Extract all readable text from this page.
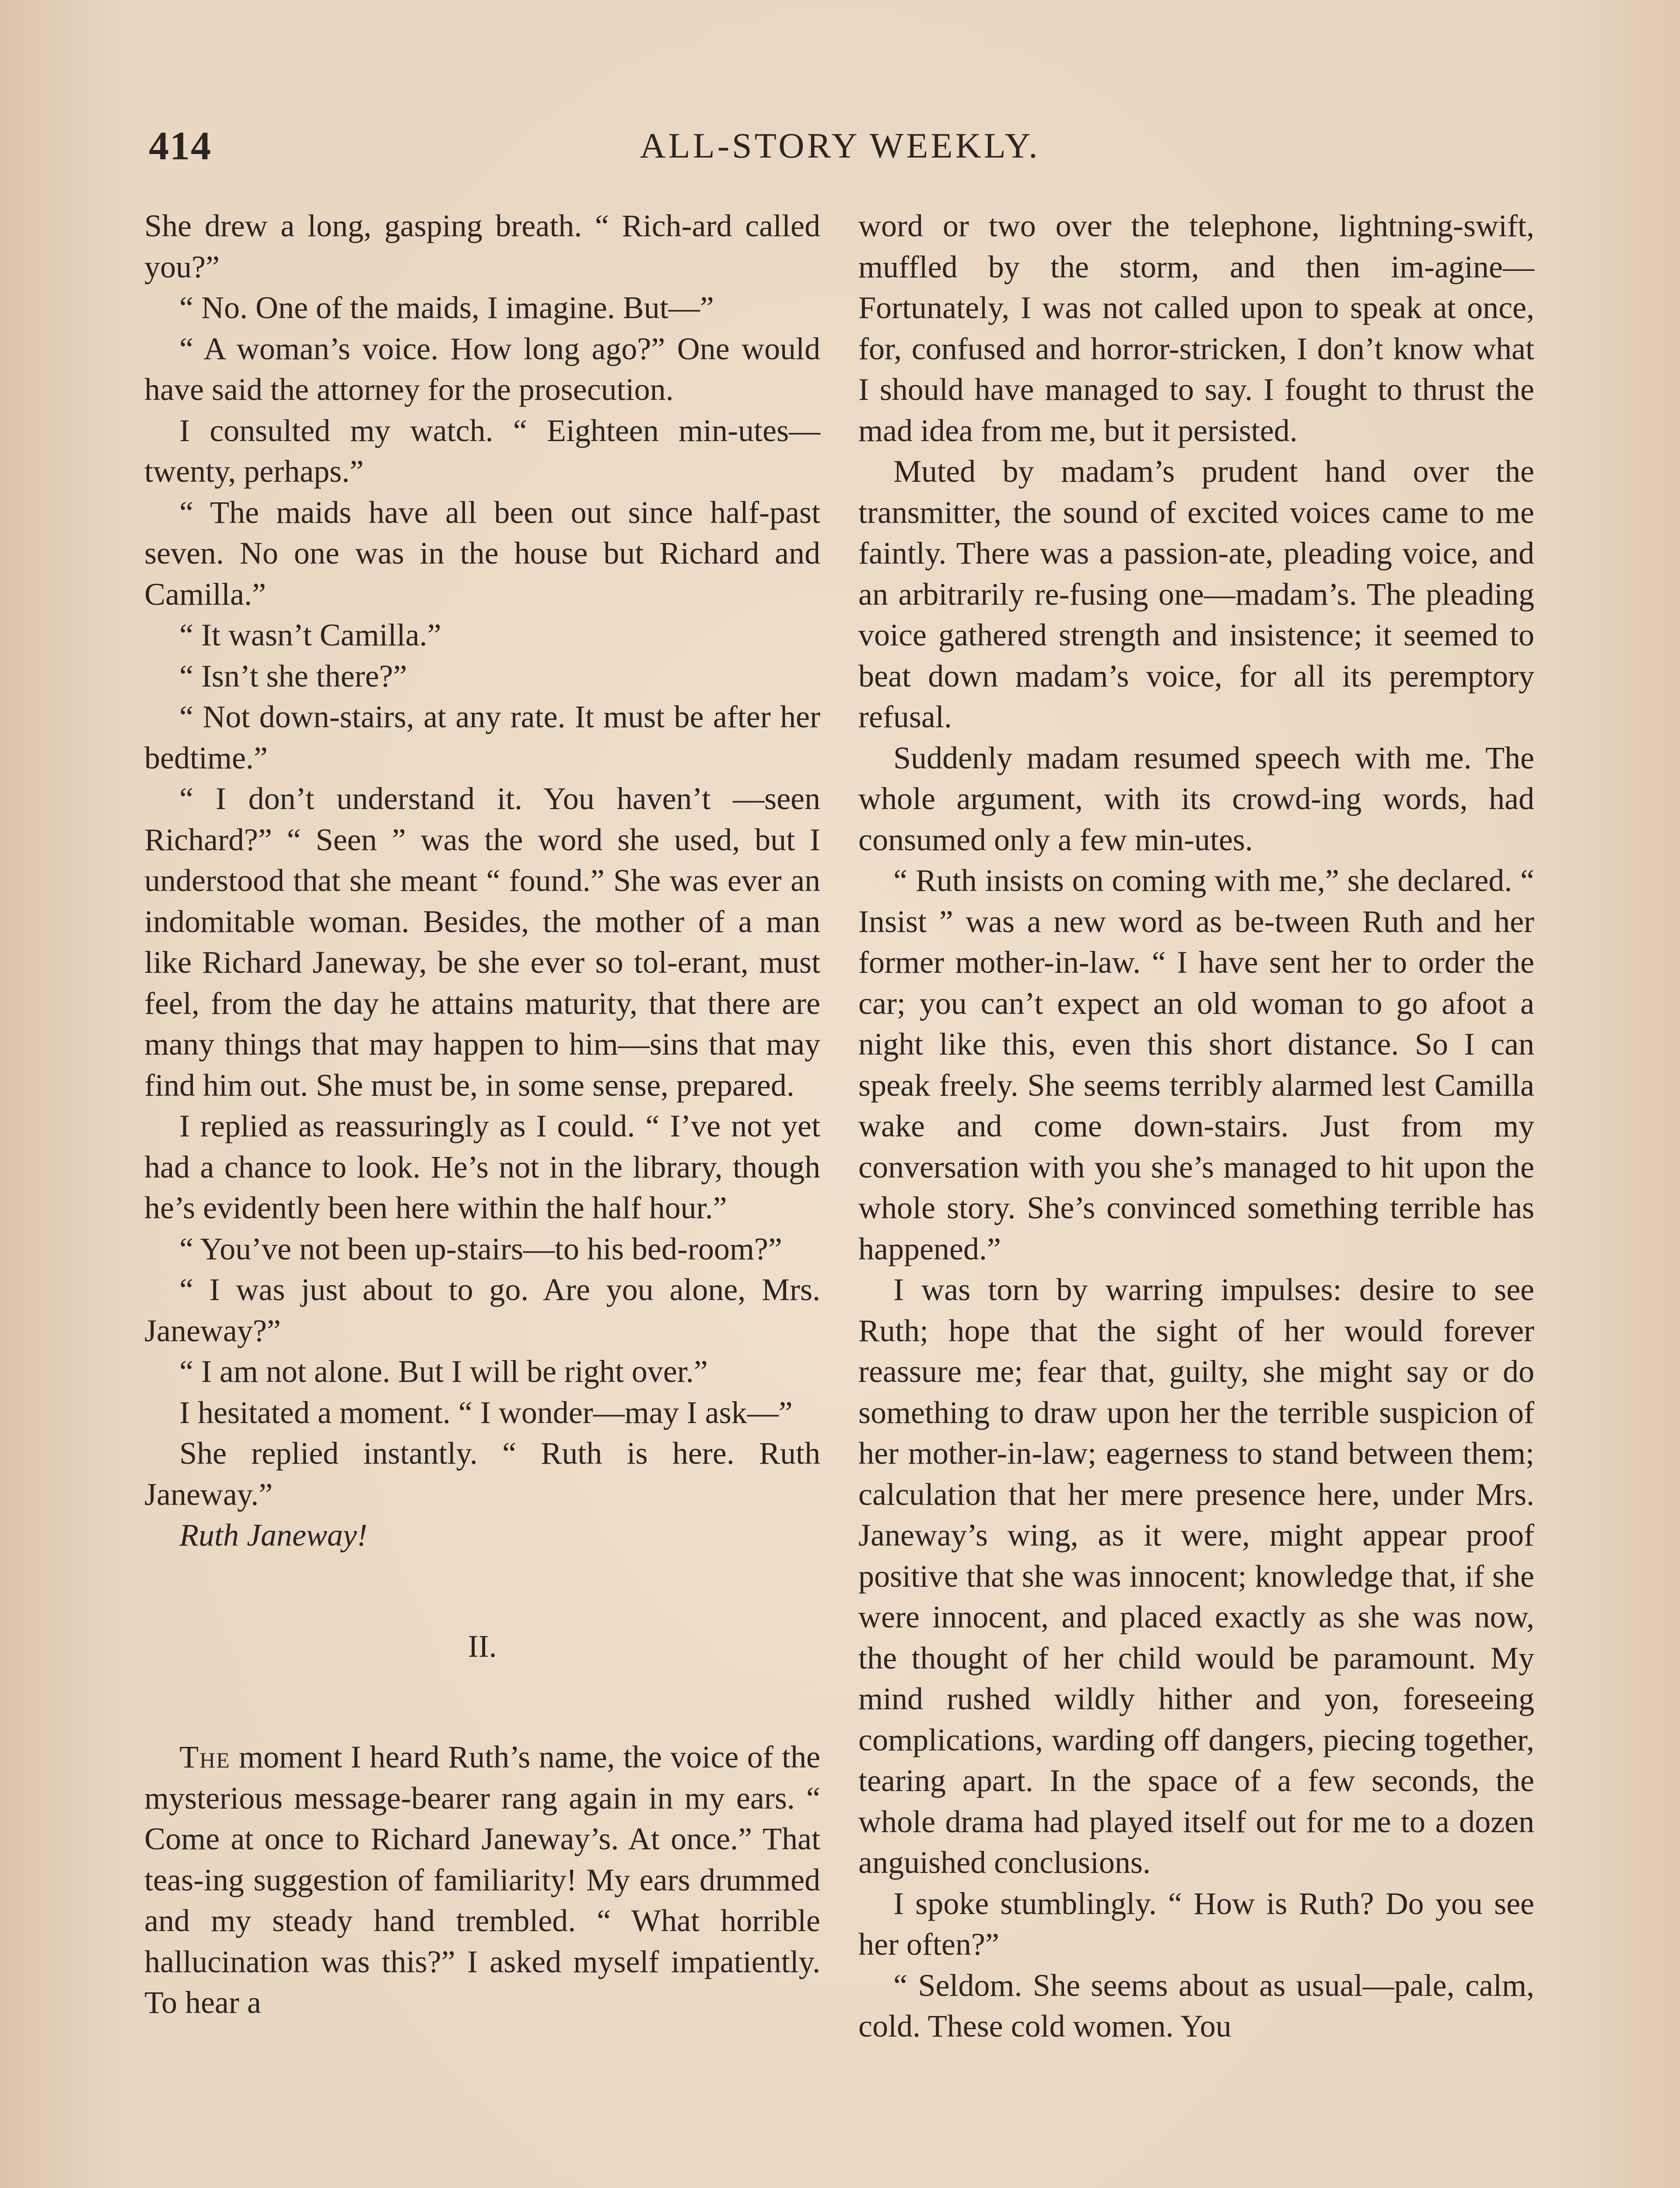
414	ALL-STORY WEEKLY.

She drew a long, gasping breath. “ Rich-ard called you?”

“ No. One of the maids, I imagine. But—”

“ A woman’s voice. How long ago?” One would have said the attorney for the prosecution.

I consulted my watch. “ Eighteen min-utes—twenty, perhaps.”

“ The maids have all been out since half-past seven. No one was in the house but Richard and Camilla.”

“ It wasn’t Camilla.”

“ Isn’t she there?”

“ Not down-stairs, at any rate. It must be after her bedtime.”

“ I don’t understand it. You haven’t —seen Richard?” “ Seen ” was the word she used, but I understood that she meant “ found.” She was ever an indomitable woman. Besides, the mother of a man like Richard Janeway, be she ever so tol-erant, must feel, from the day he attains maturity, that there are many things that may happen to him—sins that may find him out. She must be, in some sense, prepared.

I replied as reassuringly as I could. “ I’ve not yet had a chance to look. He’s not in the library, though he’s evidently been here within the half hour.”

“ You’ve not been up-stairs—to his bed-room?”

“ I was just about to go. Are you alone, Mrs. Janeway?”

“ I am not alone. But I will be right over.”

I hesitated a moment. “ I wonder—may I ask—”

She replied instantly. “ Ruth is here. Ruth Janeway.”

Ruth Janeway!

II.

The moment I heard Ruth’s name, the voice of the mysterious message-bearer rang again in my ears. “ Come at once to Richard Janeway’s. At once.” That teas-ing suggestion of familiarity! My ears drummed and my steady hand trembled. “ What horrible hallucination was this?” I asked myself impatiently. To hear a

word or two over the telephone, lightning-swift, muffled by the storm, and then im-agine— Fortunately, I was not called upon to speak at once, for, confused and horror-stricken, I don’t know what I should have managed to say. I fought to thrust the mad idea from me, but it persisted.

Muted by madam’s prudent hand over the transmitter, the sound of excited voices came to me faintly. There was a passion-ate, pleading voice, and an arbitrarily re-fusing one—madam’s. The pleading voice gathered strength and insistence; it seemed to beat down madam’s voice, for all its peremptory refusal.

Suddenly madam resumed speech with me. The whole argument, with its crowd-ing words, had consumed only a few min-utes.

“ Ruth insists on coming with me,” she declared. “ Insist ” was a new word as be-tween Ruth and her former mother-in-law. “ I have sent her to order the car; you can’t expect an old woman to go afoot a night like this, even this short distance. So I can speak freely. She seems terribly alarmed lest Camilla wake and come down-stairs. Just from my conversation with you she’s managed to hit upon the whole story. She’s convinced something terrible has happened.”

I was torn by warring impulses: desire to see Ruth; hope that the sight of her would forever reassure me; fear that, guilty, she might say or do something to draw upon her the terrible suspicion of her mother-in-law; eagerness to stand between them; calculation that her mere presence here, under Mrs. Janeway’s wing, as it were, might appear proof positive that she was innocent; knowledge that, if she were innocent, and placed exactly as she was now, the thought of her child would be paramount. My mind rushed wildly hither and yon, foreseeing complications, warding off dangers, piecing together, tearing apart. In the space of a few seconds, the whole drama had played itself out for me to a dozen anguished conclusions.

I spoke stumblingly. “ How is Ruth? Do you see her often?”

“ Seldom. She seems about as usual—pale, calm, cold. These cold women. You
